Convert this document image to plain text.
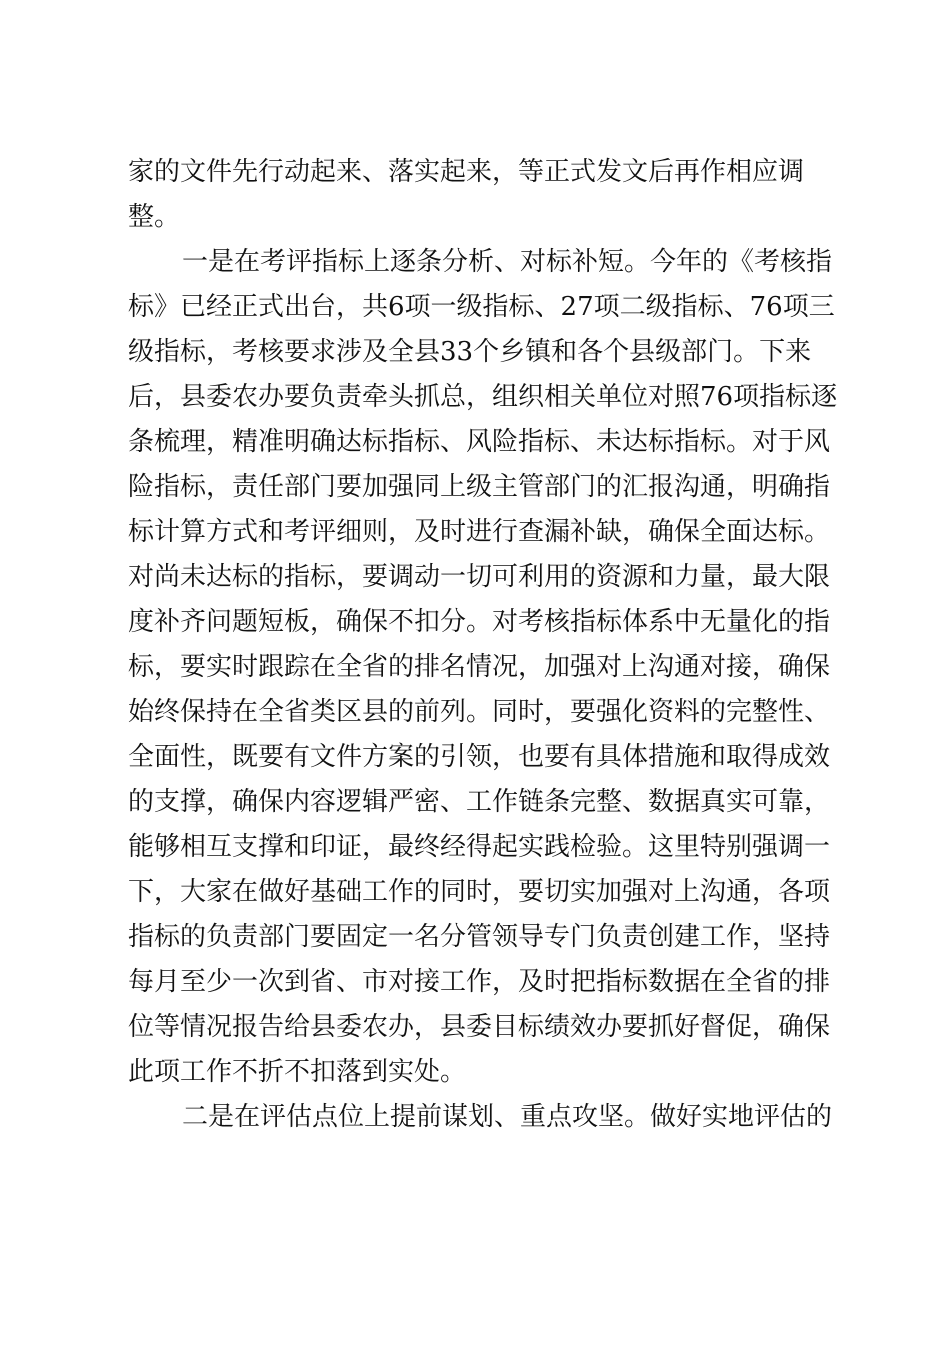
家的文件先行动起来、落实起来，等正式发文后再作相应调
整。
一是在考评指标上逐条分析、对标补短。今年的《考核指
标》已经正式出台，共6项一级指标、27项二级指标、76项三
级指标，考核要求涉及全县33个乡镇和各个县级部门。下来
后，县委农办要负责牵头抓总，组织相关单位对照76项指标逐
条梳理，精准明确达标指标、风险指标、未达标指标。对于风
险指标，责任部门要加强同上级主管部门的汇报沟通，明确指
标计算方式和考评细则，及时进行查漏补缺，确保全面达标。
对尚未达标的指标，要调动一切可利用的资源和力量，最大限
度补齐问题短板，确保不扣分。对考核指标体系中无量化的指
标，要实时跟踪在全省的排名情况，加强对上沟通对接，确保
始终保持在全省类区县的前列。同时，要强化资料的完整性、
全面性，既要有文件方案的引领，也要有具体措施和取得成效
的支撑，确保内容逻辑严密、工作链条完整、数据真实可靠，
能够相互支撑和印证，最终经得起实践检验。这里特别强调一
下，大家在做好基础工作的同时，要切实加强对上沟通，各项
指标的负责部门要固定一名分管领导专门负责创建工作，坚持
每月至少一次到省、市对接工作，及时把指标数据在全省的排
位等情况报告给县委农办，县委目标绩效办要抓好督促，确保
此项工作不折不扣落到实处。
二是在评估点位上提前谋划、重点攻坚。做好实地评估的
